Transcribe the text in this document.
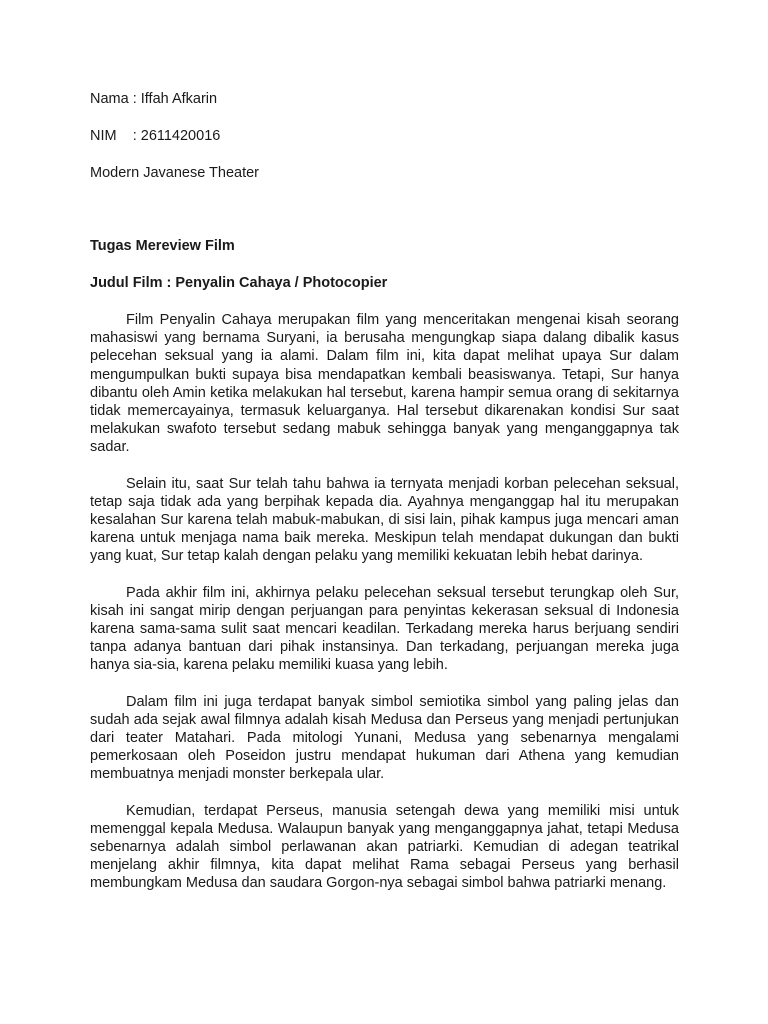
Nama : Iffah Afkarin
NIM    : 2611420016
Modern Javanese Theater
Tugas Mereview Film
Judul Film : Penyalin Cahaya / Photocopier

Film Penyalin Cahaya merupakan film yang menceritakan mengenai kisah seorang mahasiswi yang bernama Suryani, ia berusaha mengungkap siapa dalang dibalik kasus pelecehan seksual yang ia alami. Dalam film ini, kita dapat melihat upaya Sur dalam mengumpulkan bukti supaya bisa mendapatkan kembali beasiswanya. Tetapi, Sur hanya dibantu oleh Amin ketika melakukan hal tersebut, karena hampir semua orang di sekitarnya tidak memercayainya, termasuk keluarganya. Hal tersebut dikarenakan kondisi Sur saat melakukan swafoto tersebut sedang mabuk sehingga banyak yang menganggapnya tak sadar.

Selain itu, saat Sur telah tahu bahwa ia ternyata menjadi korban pelecehan seksual, tetap saja tidak ada yang berpihak kepada dia. Ayahnya menganggap hal itu merupakan kesalahan Sur karena telah mabuk-mabukan, di sisi lain, pihak kampus juga mencari aman karena untuk menjaga nama baik mereka. Meskipun telah mendapat dukungan dan bukti yang kuat, Sur tetap kalah dengan pelaku yang memiliki kekuatan lebih hebat darinya.

Pada akhir film ini, akhirnya pelaku pelecehan seksual tersebut terungkap oleh Sur, kisah ini sangat mirip dengan perjuangan para penyintas kekerasan seksual di Indonesia karena sama-sama sulit saat mencari keadilan. Terkadang mereka harus berjuang sendiri tanpa adanya bantuan dari pihak instansinya. Dan terkadang, perjuangan mereka juga hanya sia-sia, karena pelaku memiliki kuasa yang lebih.

Dalam film ini juga terdapat banyak simbol semiotika simbol yang paling jelas dan sudah ada sejak awal filmnya adalah kisah Medusa dan Perseus yang menjadi pertunjukan dari teater Matahari. Pada mitologi Yunani, Medusa yang sebenarnya mengalami pemerkosaan oleh Poseidon justru mendapat hukuman dari Athena yang kemudian membuatnya menjadi monster berkepala ular.

Kemudian, terdapat Perseus, manusia setengah dewa yang memiliki misi untuk memenggal kepala Medusa. Walaupun banyak yang menganggapnya jahat, tetapi Medusa sebenarnya adalah simbol perlawanan akan patriarki. Kemudian di adegan teatrikal menjelang akhir filmnya, kita dapat melihat Rama sebagai Perseus yang berhasil membungkam Medusa dan saudara Gorgon-nya sebagai simbol bahwa patriarki menang.
